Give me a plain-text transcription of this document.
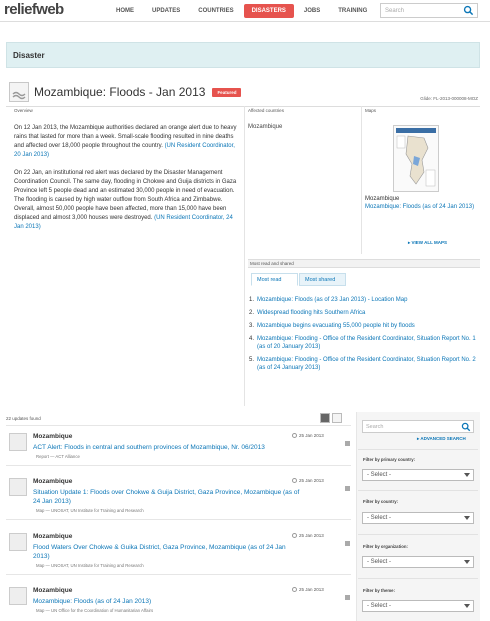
reliefweb	HOME	UPDATES	COUNTRIES	DISASTERS	JOBS	TRAINING	Search
Disaster
Mozambique: Floods - Jan 2013	Featured
Glide: FL-2013-000008-MOZ
Overview	Affected countries	Maps

On 12 Jan 2013, the Mozambique authorities declared an orange alert due to heavy rains that lasted for more than a week. Small-scale flooding resulted in nine deaths and affected over 18,000 people throughout the country. (UN Resident Coordinator, 20 Jan 2013)

On 22 Jan, an institutional red alert was declared by the Disaster Management Coordination Council. The same day, flooding in Chokwe and Guija districts in Gaza Province left 5 people dead and an estimated 30,000 people in need of evacuation. The flooding is caused by high water outflow from South Africa and Zimbabwe. Overall, almost 50,000 people have been affected, more than 15,000 have been displaced and almost 3,000 houses were destroyed. (UN Resident Coordinator, 24 Jan 2013)

Mozambique
Mozambique
Mozambique: Floods (as of 24 Jan 2013)
▸ VIEW ALL MAPS
Most read and shared
Most read	Most shared
1. Mozambique: Floods (as of 23 Jan 2013) - Location Map
2. Widespread flooding hits Southern Africa
3. Mozambique begins evacuating 55,000 people hit by floods
4. Mozambique: Flooding - Office of the Resident Coordinator, Situation Report No. 1 (as of 20 January 2013)
5. Mozambique: Flooding - Office of the Resident Coordinator, Situation Report No. 2 (as of 24 January 2013)
22 updates found
Mozambique
ACT Alert: Floods in central and southern provinces of Mozambique, Nr. 06/2013
Report — ACT Alliance
25 Jan 2013
Mozambique
Situation Update 1: Floods over Chokwe & Guija District, Gaza Province, Mozambique (as of 24 Jan 2013)
Map — UNOSAT, UN Institute for Training and Research
25 Jan 2013
Mozambique
Flood Waters Over Chokwe & Guika District, Gaza Province, Mozambique (as of 24 Jan 2013)
Map — UNOSAT, UN Institute for Training and Research
25 Jan 2013
Mozambique
Mozambique: Floods (as of 24 Jan 2013)
Map — UN Office for the Coordination of Humanitarian Affairs
25 Jan 2013
Search
▸ ADVANCED SEARCH
Filter by primary country:
- Select -
Filter by country:
- Select -
Filter by organization:
- Select -
Filter by theme:
- Select -
